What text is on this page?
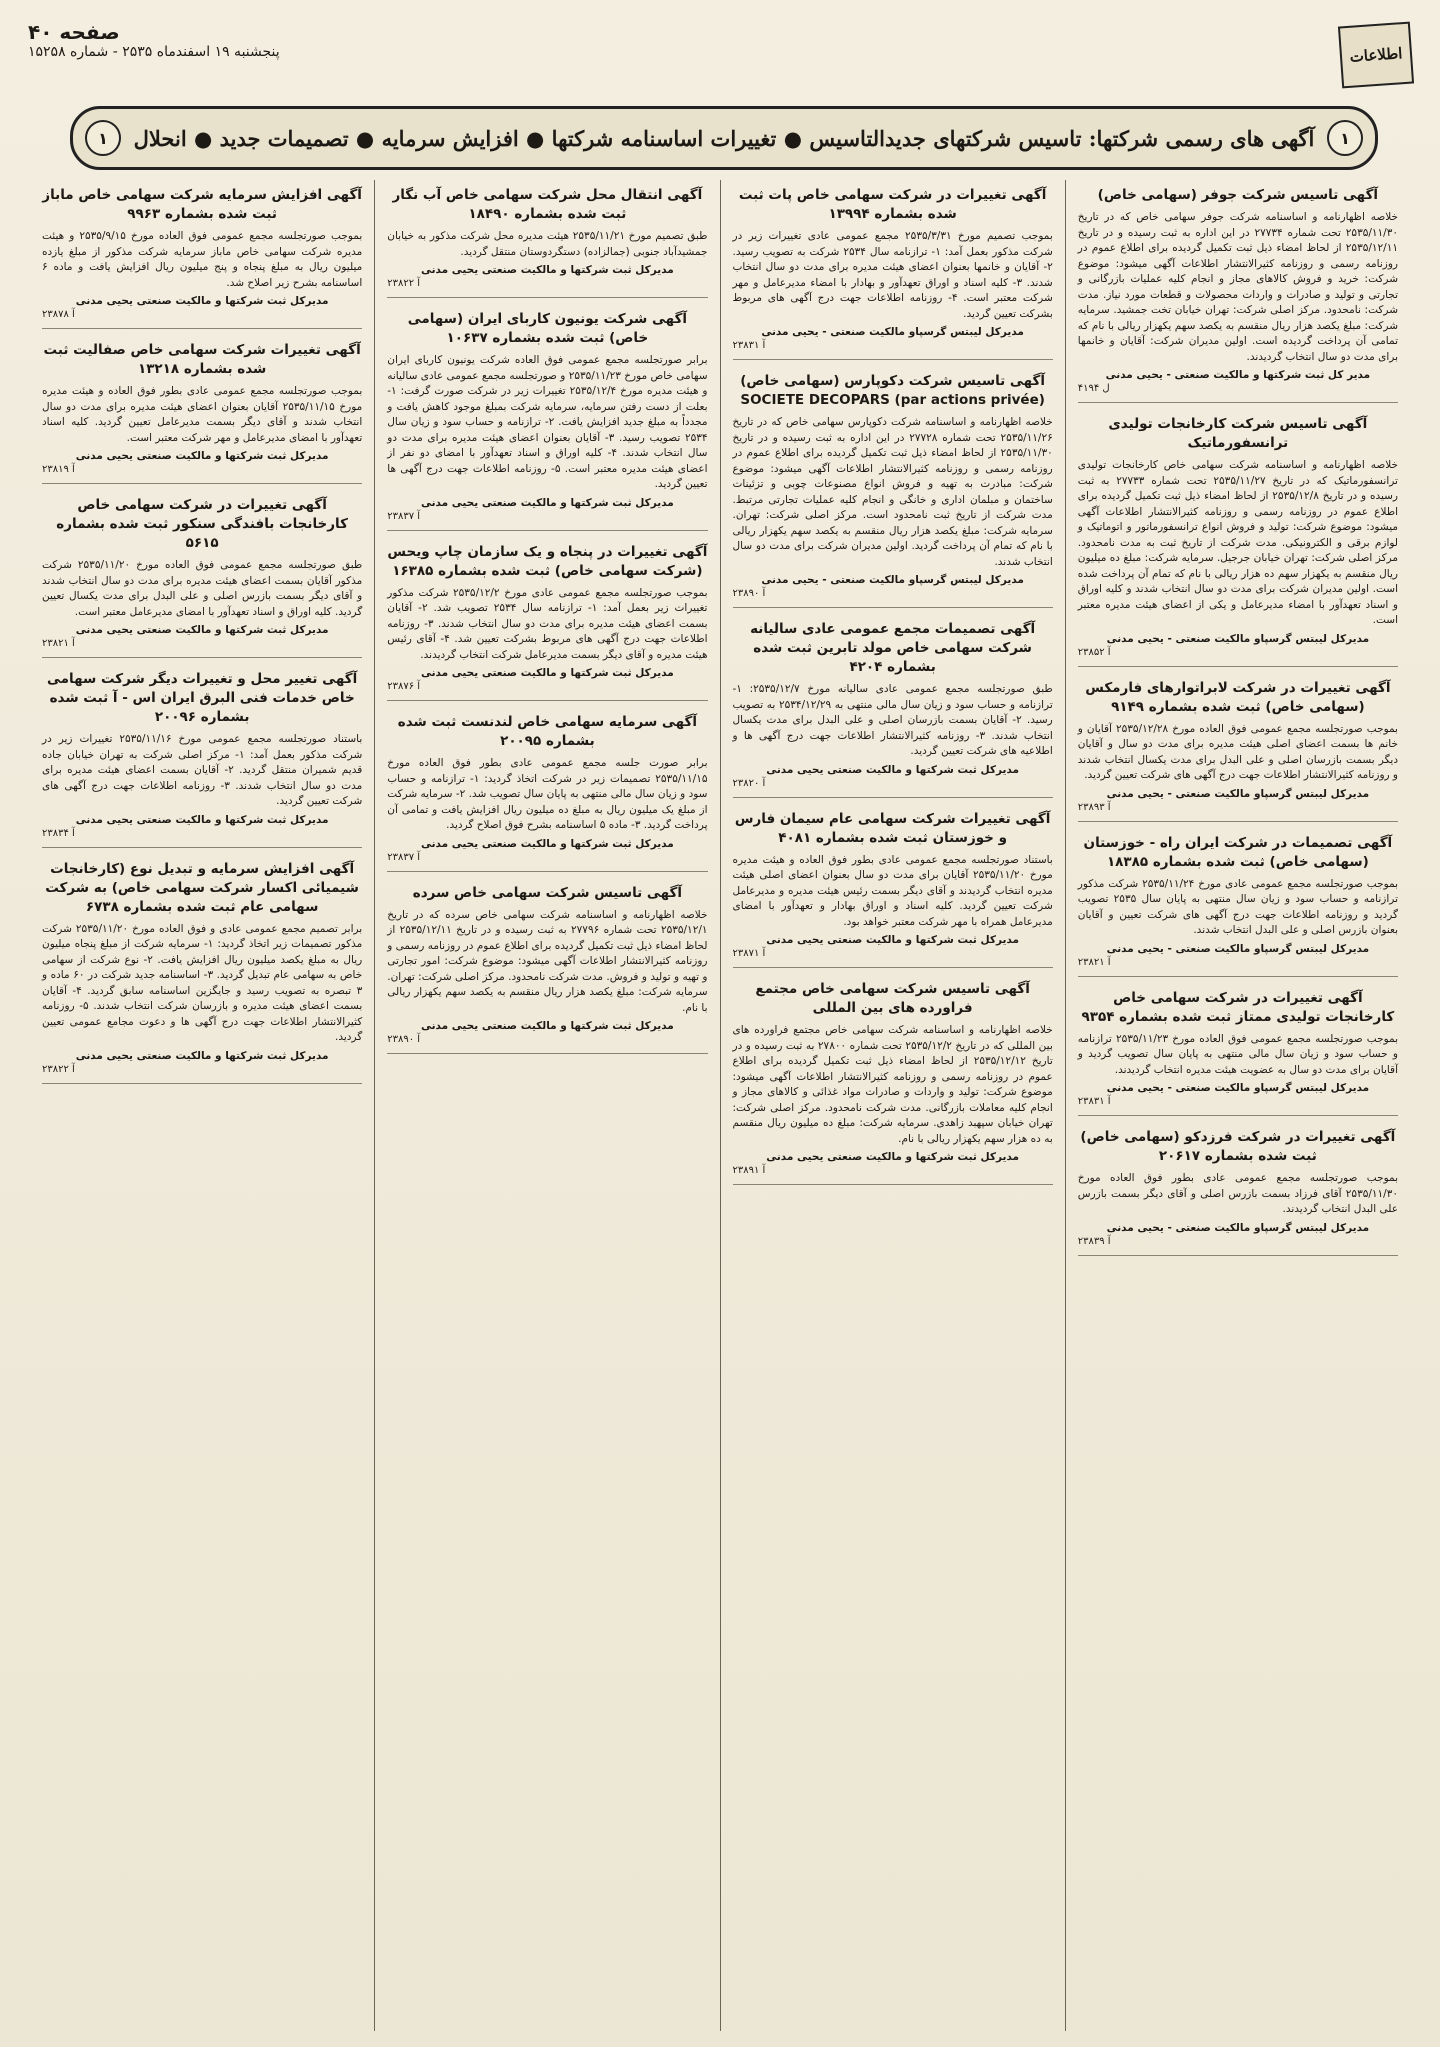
اطلاعات
صفحه ۴۰
پنجشنبه ۱۹ اسفندماه ۲۵۳۵ - شماره ۱۵۲۵۸
۱
آگهی های رسمی شرکتها: تاسیس شرکتهای جدیدالتاسیس ● تغییرات اساسنامه شرکتها ● افزایش سرمایه ● تصمیمات جدید ● انحلال
۱
آگهی تاسیس شرکت جوفر (سهامی خاص)

خلاصه اظهارنامه و اساسنامه شرکت جوفر سهامی خاص که در تاریخ ۲۵۳۵/۱۱/۳۰ تحت شماره ۲۷۷۳۴ در این اداره به ثبت رسیده و در تاریخ ۲۵۳۵/۱۲/۱۱ از لحاظ امضاء ذیل ثبت تکمیل گردیده برای اطلاع عموم در روزنامه رسمی و روزنامه کثیرالانتشار اطلاعات آگهی میشود: موضوع شرکت: خرید و فروش کالاهای مجاز و انجام کلیه عملیات بازرگانی و تجارتی و تولید و صادرات و واردات محصولات و قطعات مورد نیاز. مدت شرکت: نامحدود. مرکز اصلی شرکت: تهران خیابان تخت جمشید. سرمایه شرکت: مبلغ یکصد هزار ریال منقسم به یکصد سهم یکهزار ریالی با نام که تمامی آن پرداخت گردیده است. اولین مدیران شرکت: آقایان و خانمها برای مدت دو سال انتخاب گردیدند.

مدیر کل ثبت شرکتها و مالکیت صنعتی - یحیی مدنی
۴۱۹۴ ل
آگهی تاسیس شرکت کارخانجات تولیدی ترانسفورماتیک

خلاصه اظهارنامه و اساسنامه شرکت سهامی خاص کارخانجات تولیدی ترانسفورماتیک که در تاریخ ۲۵۳۵/۱۱/۲۷ تحت شماره ۲۷۷۳۳ به ثبت رسیده و در تاریخ ۲۵۳۵/۱۲/۸ از لحاظ امضاء ذیل ثبت تکمیل گردیده برای اطلاع عموم در روزنامه رسمی و روزنامه کثیرالانتشار اطلاعات آگهی میشود: موضوع شرکت: تولید و فروش انواع ترانسفورماتور و اتوماتیک و لوازم برقی و الکترونیکی. مدت شرکت از تاریخ ثبت به مدت نامحدود. مرکز اصلی شرکت: تهران خیابان جرجیل. سرمایه شرکت: مبلغ ده میلیون ریال منقسم به یکهزار سهم ده هزار ریالی با نام که تمام آن پرداخت شده است. اولین مدیران شرکت برای مدت دو سال انتخاب شدند و کلیه اوراق و اسناد تعهدآور با امضاء مدیرعامل و یکی از اعضای هیئت مدیره معتبر است.

مدیرکل لیبتس گرسپاو مالکیت صنعتی - یحیی مدنی
۲۳۸۵۲ آ
آگهی تغییرات در شرکت لابراتوارهای فارمکس (سهامی خاص) ثبت شده بشماره ۹۱۴۹

بموجب صورتجلسه مجمع عمومی فوق العاده مورخ ۲۵۳۵/۱۲/۲۸ آقایان و خانم ها بسمت اعضای اصلی هیئت مدیره برای مدت دو سال و آقایان دیگر بسمت بازرسان اصلی و علی البدل برای مدت یکسال انتخاب شدند و روزنامه کثیرالانتشار اطلاعات جهت درج آگهی های شرکت تعیین گردید.

مدیرکل لیبتس گرسپاو مالکیت صنعتی - یحیی مدنی
۲۳۸۹۳ آ
آگهی تصمیمات در شرکت ایران راه - خوزستان (سهامی خاص) ثبت شده بشماره ۱۸۳۸۵

بموجب صورتجلسه مجمع عمومی عادی مورخ ۲۵۳۵/۱۱/۲۴ شرکت مذکور ترازنامه و حساب سود و زیان سال منتهی به پایان سال ۲۵۳۵ تصویب گردید و روزنامه اطلاعات جهت درج آگهی های شرکت تعیین و آقایان بعنوان بازرس اصلی و علی البدل انتخاب شدند.

مدیرکل لیبتس گرسپاو مالکیت صنعتی - یحیی مدنی
۲۳۸۲۱ آ
آگهی تغییرات در شرکت سهامی خاص کارخانجات تولیدی ممتاز ثبت شده بشماره ۹۳۵۴

بموجب صورتجلسه مجمع عمومی فوق العاده مورخ ۲۵۳۵/۱۱/۲۳ ترازنامه و حساب سود و زیان سال مالی منتهی به پایان سال تصویب گردید و آقایان برای مدت دو سال به عضویت هیئت مدیره انتخاب گردیدند.

مدیرکل لیبتس گرسپاو مالکیت صنعتی - یحیی مدنی
۲۳۸۳۱ آ
آگهی تغییرات در شرکت فرزدکو (سهامی خاص) ثبت شده بشماره ۲۰۶۱۷

بموجب صورتجلسه مجمع عمومی عادی بطور فوق العاده مورخ ۲۵۳۵/۱۱/۳۰ آقای فرزاد بسمت بازرس اصلی و آقای دیگر بسمت بازرس علی البدل انتخاب گردیدند.

مدیرکل لیبتس گرسپاو مالکیت صنعتی - یحیی مدنی
۲۳۸۳۹ آ
آگهی تغییرات در شرکت سهامی خاص پات ثبت شده بشماره ۱۳۹۹۴

بموجب تصمیم مورخ ۲۵۳۵/۳/۳۱ مجمع عمومی عادی تغییرات زیر در شرکت مذکور بعمل آمد: ۱- ترازنامه سال ۲۵۳۴ شرکت به تصویب رسید. ۲- آقایان و خانمها بعنوان اعضای هیئت مدیره برای مدت دو سال انتخاب شدند. ۳- کلیه اسناد و اوراق تعهدآور و بهادار با امضاء مدیرعامل و مهر شرکت معتبر است. ۴- روزنامه اطلاعات جهت درج آگهی های مربوط بشرکت تعیین گردید.

مدیرکل لیبتس گرسپاو مالکیت صنعتی - یحیی مدنی
۲۳۸۳۱ آ
آگهی تاسیس شرکت دکوپارس (سهامی خاص) SOCIETE DECOPARS (par actions privée)

خلاصه اظهارنامه و اساسنامه شرکت دکوپارس سهامی خاص که در تاریخ ۲۵۳۵/۱۱/۲۶ تحت شماره ۲۷۷۲۸ در این اداره به ثبت رسیده و در تاریخ ۲۵۳۵/۱۱/۳۰ از لحاظ امضاء ذیل ثبت تکمیل گردیده برای اطلاع عموم در روزنامه رسمی و روزنامه کثیرالانتشار اطلاعات آگهی میشود: موضوع شرکت: مبادرت به تهیه و فروش انواع مصنوعات چوبی و تزئینات ساختمان و مبلمان اداری و خانگی و انجام کلیه عملیات تجارتی مرتبط. مدت شرکت از تاریخ ثبت نامحدود است. مرکز اصلی شرکت: تهران. سرمایه شرکت: مبلغ یکصد هزار ریال منقسم به یکصد سهم یکهزار ریالی با نام که تمام آن پرداخت گردید. اولین مدیران شرکت برای مدت دو سال انتخاب شدند.

مدیرکل لیبتس گرسپاو مالکیت صنعتی - یحیی مدنی
۲۳۸۹۰ آ
آگهی تصمیمات مجمع عمومی عادی سالیانه شرکت سهامی خاص مولد تابرین ثبت شده بشماره ۴۲۰۴

طبق صورتجلسه مجمع عمومی عادی سالیانه مورخ ۲۵۳۵/۱۲/۷: ۱- ترازنامه و حساب سود و زیان سال مالی منتهی به ۲۵۳۴/۱۲/۲۹ به تصویب رسید. ۲- آقایان بسمت بازرسان اصلی و علی البدل برای مدت یکسال انتخاب شدند. ۳- روزنامه کثیرالانتشار اطلاعات جهت درج آگهی ها و اطلاعیه های شرکت تعیین گردید.

مدیرکل ثبت شرکتها و مالکیت صنعتی یحیی مدنی
۲۳۸۲۰ آ
آگهی تغییرات شرکت سهامی عام سیمان فارس و خوزستان ثبت شده بشماره ۴۰۸۱

باستناد صورتجلسه مجمع عمومی عادی بطور فوق العاده و هیئت مدیره مورخ ۲۵۳۵/۱۱/۲۰ آقایان برای مدت دو سال بعنوان اعضای اصلی هیئت مدیره انتخاب گردیدند و آقای دیگر بسمت رئیس هیئت مدیره و مدیرعامل شرکت تعیین گردید. کلیه اسناد و اوراق بهادار و تعهدآور با امضای مدیرعامل همراه با مهر شرکت معتبر خواهد بود.

مدیرکل ثبت شرکتها و مالکیت صنعتی یحیی مدنی
۲۳۸۷۱ آ
آگهی تاسیس شرکت سهامی خاص مجتمع فراورده های بین المللی

خلاصه اظهارنامه و اساسنامه شرکت سهامی خاص مجتمع فراورده های بین المللی که در تاریخ ۲۵۳۵/۱۲/۲ تحت شماره ۲۷۸۰۰ به ثبت رسیده و در تاریخ ۲۵۳۵/۱۲/۱۲ از لحاظ امضاء ذیل ثبت تکمیل گردیده برای اطلاع عموم در روزنامه رسمی و روزنامه کثیرالانتشار اطلاعات آگهی میشود: موضوع شرکت: تولید و واردات و صادرات مواد غذائی و کالاهای مجاز و انجام کلیه معاملات بازرگانی. مدت شرکت نامحدود. مرکز اصلی شرکت: تهران خیابان سپهبد زاهدی. سرمایه شرکت: مبلغ ده میلیون ریال منقسم به ده هزار سهم یکهزار ریالی با نام.

مدیرکل ثبت شرکتها و مالکیت صنعتی یحیی مدنی
۲۳۸۹۱ آ
آگهی انتقال محل شرکت سهامی خاص آب نگار ثبت شده بشماره ۱۸۴۹۰

طبق تصمیم مورخ ۲۵۳۵/۱۱/۲۱ هیئت مدیره محل شرکت مذکور به خیابان جمشیدآباد جنوبی (جمالزاده) دستگردوستان منتقل گردید.

مدیرکل ثبت شرکتها و مالکیت صنعتی یحیی مدنی
۲۳۸۲۲ آ
آگهی شرکت یونیون کاربای ایران (سهامی خاص) ثبت شده بشماره ۱۰۶۳۷

برابر صورتجلسه مجمع عمومی فوق العاده شرکت یونیون کاربای ایران سهامی خاص مورخ ۲۵۳۵/۱۱/۲۳ و صورتجلسه مجمع عمومی عادی سالیانه و هیئت مدیره مورخ ۲۵۳۵/۱۲/۴ تغییرات زیر در شرکت صورت گرفت: ۱- بعلت از دست رفتن سرمایه، سرمایه شرکت بمبلغ موجود کاهش یافت و مجدداً به مبلغ جدید افزایش یافت. ۲- ترازنامه و حساب سود و زیان سال ۲۵۳۴ تصویب رسید. ۳- آقایان بعنوان اعضای هیئت مدیره برای مدت دو سال انتخاب شدند. ۴- کلیه اوراق و اسناد تعهدآور با امضای دو نفر از اعضای هیئت مدیره معتبر است. ۵- روزنامه اطلاعات جهت درج آگهی ها تعیین گردید.

مدیرکل ثبت شرکتها و مالکیت صنعتی یحیی مدنی
۲۳۸۳۷ آ
آگهی تغییرات در پنجاه و یک سازمان چاپ ویحس (شرکت سهامی خاص) ثبت شده بشماره ۱۶۳۸۵

بموجب صورتجلسه مجمع عمومی عادی مورخ ۲۵۳۵/۱۲/۲ شرکت مذکور تغییرات زیر بعمل آمد: ۱- ترازنامه سال ۲۵۳۴ تصویب شد. ۲- آقایان بسمت اعضای هیئت مدیره برای مدت دو سال انتخاب شدند. ۳- روزنامه اطلاعات جهت درج آگهی های مربوط بشرکت تعیین شد. ۴- آقای رئیس هیئت مدیره و آقای دیگر بسمت مدیرعامل شرکت انتخاب گردیدند.

مدیرکل ثبت شرکتها و مالکیت صنعتی یحیی مدنی
۲۳۸۷۶ آ
آگهی سرمایه سهامی خاص لندنست ثبت شده بشماره ۲۰۰۹۵

برابر صورت جلسه مجمع عمومی عادی بطور فوق العاده مورخ ۲۵۳۵/۱۱/۱۵ تصمیمات زیر در شرکت اتخاذ گردید: ۱- ترازنامه و حساب سود و زیان سال مالی منتهی به پایان سال تصویب شد. ۲- سرمایه شرکت از مبلغ یک میلیون ریال به مبلغ ده میلیون ریال افزایش یافت و تمامی آن پرداخت گردید. ۳- ماده ۵ اساسنامه بشرح فوق اصلاح گردید.

مدیرکل ثبت شرکتها و مالکیت صنعتی یحیی مدنی
۲۳۸۳۷ آ
آگهی تاسیس شرکت سهامی خاص سرده

خلاصه اظهارنامه و اساسنامه شرکت سهامی خاص سرده که در تاریخ ۲۵۳۵/۱۲/۱ تحت شماره ۲۷۷۹۶ به ثبت رسیده و در تاریخ ۲۵۳۵/۱۲/۱۱ از لحاظ امضاء ذیل ثبت تکمیل گردیده برای اطلاع عموم در روزنامه رسمی و روزنامه کثیرالانتشار اطلاعات آگهی میشود: موضوع شرکت: امور تجارتی و تهیه و تولید و فروش. مدت شرکت نامحدود. مرکز اصلی شرکت: تهران. سرمایه شرکت: مبلغ یکصد هزار ریال منقسم به یکصد سهم یکهزار ریالی با نام.

مدیرکل ثبت شرکتها و مالکیت صنعتی یحیی مدنی
۲۳۸۹۰ آ
آگهی افزایش سرمایه شرکت سهامی خاص ماباز ثبت شده بشماره ۹۹۶۳

بموجب صورتجلسه مجمع عمومی فوق العاده مورخ ۲۵۳۵/۹/۱۵ و هیئت مدیره شرکت سهامی خاص ماباز سرمایه شرکت مذکور از مبلغ یازده میلیون ریال به مبلغ پنجاه و پنج میلیون ریال افزایش یافت و ماده ۶ اساسنامه بشرح زیر اصلاح شد.

مدیرکل ثبت شرکتها و مالکیت صنعتی یحیی مدنی
۲۳۸۷۸ آ
آگهی تغییرات شرکت سهامی خاص صفالیت ثبت شده بشماره ۱۳۲۱۸

بموجب صورتجلسه مجمع عمومی عادی بطور فوق العاده و هیئت مدیره مورخ ۲۵۳۵/۱۱/۱۵ آقایان بعنوان اعضای هیئت مدیره برای مدت دو سال انتخاب شدند و آقای دیگر بسمت مدیرعامل تعیین گردید. کلیه اسناد تعهدآور با امضای مدیرعامل و مهر شرکت معتبر است.

مدیرکل ثبت شرکتها و مالکیت صنعتی یحیی مدنی
۲۳۸۱۹ آ
آگهی تغییرات در شرکت سهامی خاص کارخانجات بافندگی سنکور ثبت شده بشماره ۵۶۱۵

طبق صورتجلسه مجمع عمومی فوق العاده مورخ ۲۵۳۵/۱۱/۲۰ شرکت مذکور آقایان بسمت اعضای هیئت مدیره برای مدت دو سال انتخاب شدند و آقای دیگر بسمت بازرس اصلی و علی البدل برای مدت یکسال تعیین گردید. کلیه اوراق و اسناد تعهدآور با امضای مدیرعامل معتبر است.

مدیرکل ثبت شرکتها و مالکیت صنعتی یحیی مدنی
۲۳۸۲۱ آ
آگهی تغییر محل و تغییرات دیگر شرکت سهامی خاص خدمات فنی البرق ایران اس - آ ثبت شده بشماره ۲۰۰۹۶

باستناد صورتجلسه مجمع عمومی مورخ ۲۵۳۵/۱۱/۱۶ تغییرات زیر در شرکت مذکور بعمل آمد: ۱- مرکز اصلی شرکت به تهران خیابان جاده قدیم شمیران منتقل گردید. ۲- آقایان بسمت اعضای هیئت مدیره برای مدت دو سال انتخاب شدند. ۳- روزنامه اطلاعات جهت درج آگهی های شرکت تعیین گردید.

مدیرکل ثبت شرکتها و مالکیت صنعتی یحیی مدنی
۲۳۸۳۴ آ
آگهی افزایش سرمایه و تبدیل نوع (کارخانجات شیمیائی اکسار شرکت سهامی خاص) به شرکت سهامی عام ثبت شده بشماره ۶۷۳۸

برابر تصمیم مجمع عمومی عادی و فوق العاده مورخ ۲۵۳۵/۱۱/۲۰ شرکت مذکور تصمیمات زیر اتخاذ گردید: ۱- سرمایه شرکت از مبلغ پنجاه میلیون ریال به مبلغ یکصد میلیون ریال افزایش یافت. ۲- نوع شرکت از سهامی خاص به سهامی عام تبدیل گردید. ۳- اساسنامه جدید شرکت در ۶۰ ماده و ۳ تبصره به تصویب رسید و جایگزین اساسنامه سابق گردید. ۴- آقایان بسمت اعضای هیئت مدیره و بازرسان شرکت انتخاب شدند. ۵- روزنامه کثیرالانتشار اطلاعات جهت درج آگهی ها و دعوت مجامع عمومی تعیین گردید.

مدیرکل ثبت شرکتها و مالکیت صنعتی یحیی مدنی
۲۳۸۲۲ آ
